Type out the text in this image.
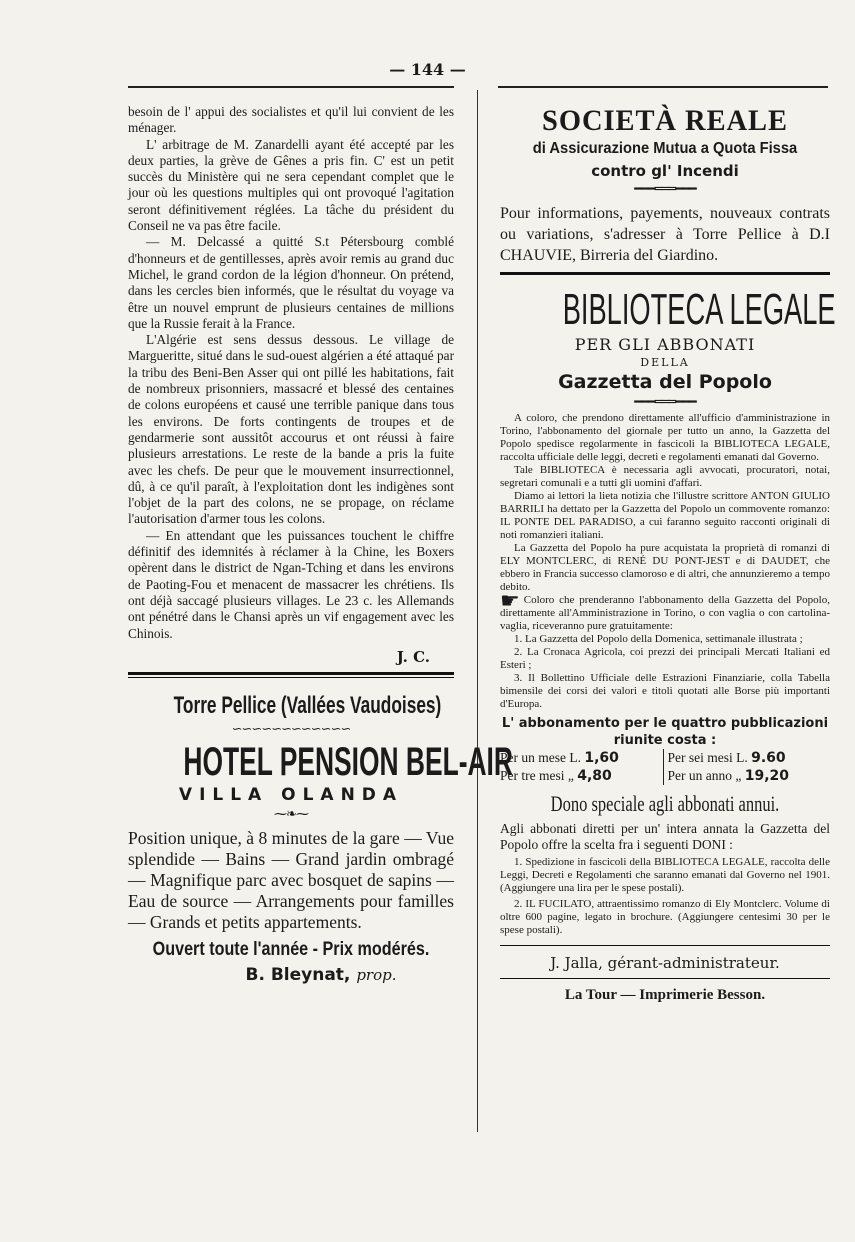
— 144 —

besoin de l' appui des socialistes et qu'il lui convient de les ménager.

L' arbitrage de M. Zanardelli ayant été accepté par les deux parties, la grève de Gênes a pris fin. C' est un petit succès du Ministère qui ne sera cependant complet que le jour où les questions multiples qui ont provoqué l'agitation seront définitivement réglées. La tâche du président du Conseil ne va pas être facile.

— M. Delcassé a quitté S.t Pétersbourg comblé d'honneurs et de gentillesses, après avoir remis au grand duc Michel, le grand cordon de la légion d'honneur. On prétend, dans les cercles bien informés, que le résultat du voyage va être un nouvel emprunt de plusieurs centaines de millions que la Russie ferait à la France.

L'Algérie est sens dessus dessous. Le village de Margueritte, situé dans le sud-ouest algérien a été attaqué par la tribu des Beni-Ben Asser qui ont pillé les habitations, fait de nombreux prisonniers, massacré et blessé des centaines de colons européens et causé une terrible panique dans tous les environs. De forts contingents de troupes et de gendarmerie sont aussitôt accourus et ont réussi à faire plusieurs arrestations. Le reste de la bande a pris la fuite avec les chefs. De peur que le mouvement insurrectionnel, dû, à ce qu'il paraît, à l'exploitation dont les indigènes sont l'objet de la part des colons, ne se propage, on réclame l'autorisation d'armer tous les colons.

— En attendant que les puissances touchent le chiffre définitif des idemnités à réclamer à la Chine, les Boxers opèrent dans le district de Ngan-Tching et dans les environs de Paoting-Fou et menacent de massacrer les chrétiens. Ils ont déjà saccagé plusieurs villages. Le 23 c. les Allemands ont pénétré dans le Chansi après un vif engagement avec les Chinois.

J. C.
Torre Pellice (Vallées Vaudoises)
∽∽∽∽∽∽∽∽∽∽∽∽
HOTEL PENSION BEL-AIR
VILLA OLANDA
⁓❧⁓
Position unique, à 8 minutes de la gare — Vue splendide — Bains — Grand jardin ombragé — Magnifique parc avec bosquet de sapins — Eau de source — Arrangements pour familles — Grands et petits appartements.
Ouvert toute l'année - Prix modérés.
B. Bleynat, prop.
SOCIETÀ REALE
di Assicurazione Mutua a Quota Fissa
contro gl' Incendi
━━━═══━━━
Pour informations, payements, nouveaux contrats ou variations, s'adresser à Torre Pellice à D.I CHAUVIE, Birreria del Giardino.
BIBLIOTECA LEGALE
PER GLI ABBONATI
DELLA
Gazzetta del Popolo
━━━═══━━━

A coloro, che prendono direttamente all'ufficio d'amministrazione in Torino, l'abbonamento del giornale per tutto un anno, la Gazzetta del Popolo spedisce regolarmente in fascicoli la BIBLIOTECA LEGALE, raccolta ufficiale delle leggi, decreti e regolamenti emanati dal Governo.

Tale BIBLIOTECA è necessaria agli avvocati, procuratori, notai, segretari comunali e a tutti gli uomini d'affari.

Diamo ai lettori la lieta notizia che l'illustre scrittore ANTON GIULIO BARRILI ha dettato per la Gazzetta del Popolo un commovente romanzo: IL PONTE DEL PARADISO, a cui faranno seguito racconti originali di noti romanzieri italiani.

La Gazzetta del Popolo ha pure acquistata la proprietà di romanzi di ELY MONTCLERC, di RENÉ DU PONT-JEST e di DAUDET, che ebbero in Francia successo clamoroso e di altri, che annunzieremo a tempo debito.

☛ Coloro che prenderanno l'abbonamento della Gazzetta del Popolo, direttamente all'Amministrazione in Torino, o con vaglia o con cartolina-vaglia, riceveranno pure gratuitamente:

1. La Gazzetta del Popolo della Domenica, settimanale illustrata ;

2. La Cronaca Agricola, coi prezzi dei principali Mercati Italiani ed Esteri ;

3. Il Bollettino Ufficiale delle Estrazioni Finanziarie, colla Tabella bimensile dei corsi dei valori e titoli quotati alle Borse più importanti d'Europa.

L' abbonamento per le quattro pubblicazioni riunite costa :
Per un mese L. 1,60	Per sei mesi L. 9.60
Per tre mesi „ 4,80	Per un anno „ 19,20
Dono speciale agli abbonati annui.

Agli abbonati diretti per un' intera annata la Gazzetta del Popolo offre la scelta fra i seguenti DONI :

1. Spedizione in fascicoli della BIBLIOTECA LEGALE, raccolta delle Leggi, Decreti e Regolamenti che saranno emanati dal Governo nel 1901. (Aggiungere una lira per le spese postali).

2. IL FUCILATO, attraentissimo romanzo di Ely Montclerc. Volume di oltre 600 pagine, legato in brochure. (Aggiungere centesimi 30 per le spese postali).

J. Jalla, gérant-administrateur.
La Tour — Imprimerie Besson.
